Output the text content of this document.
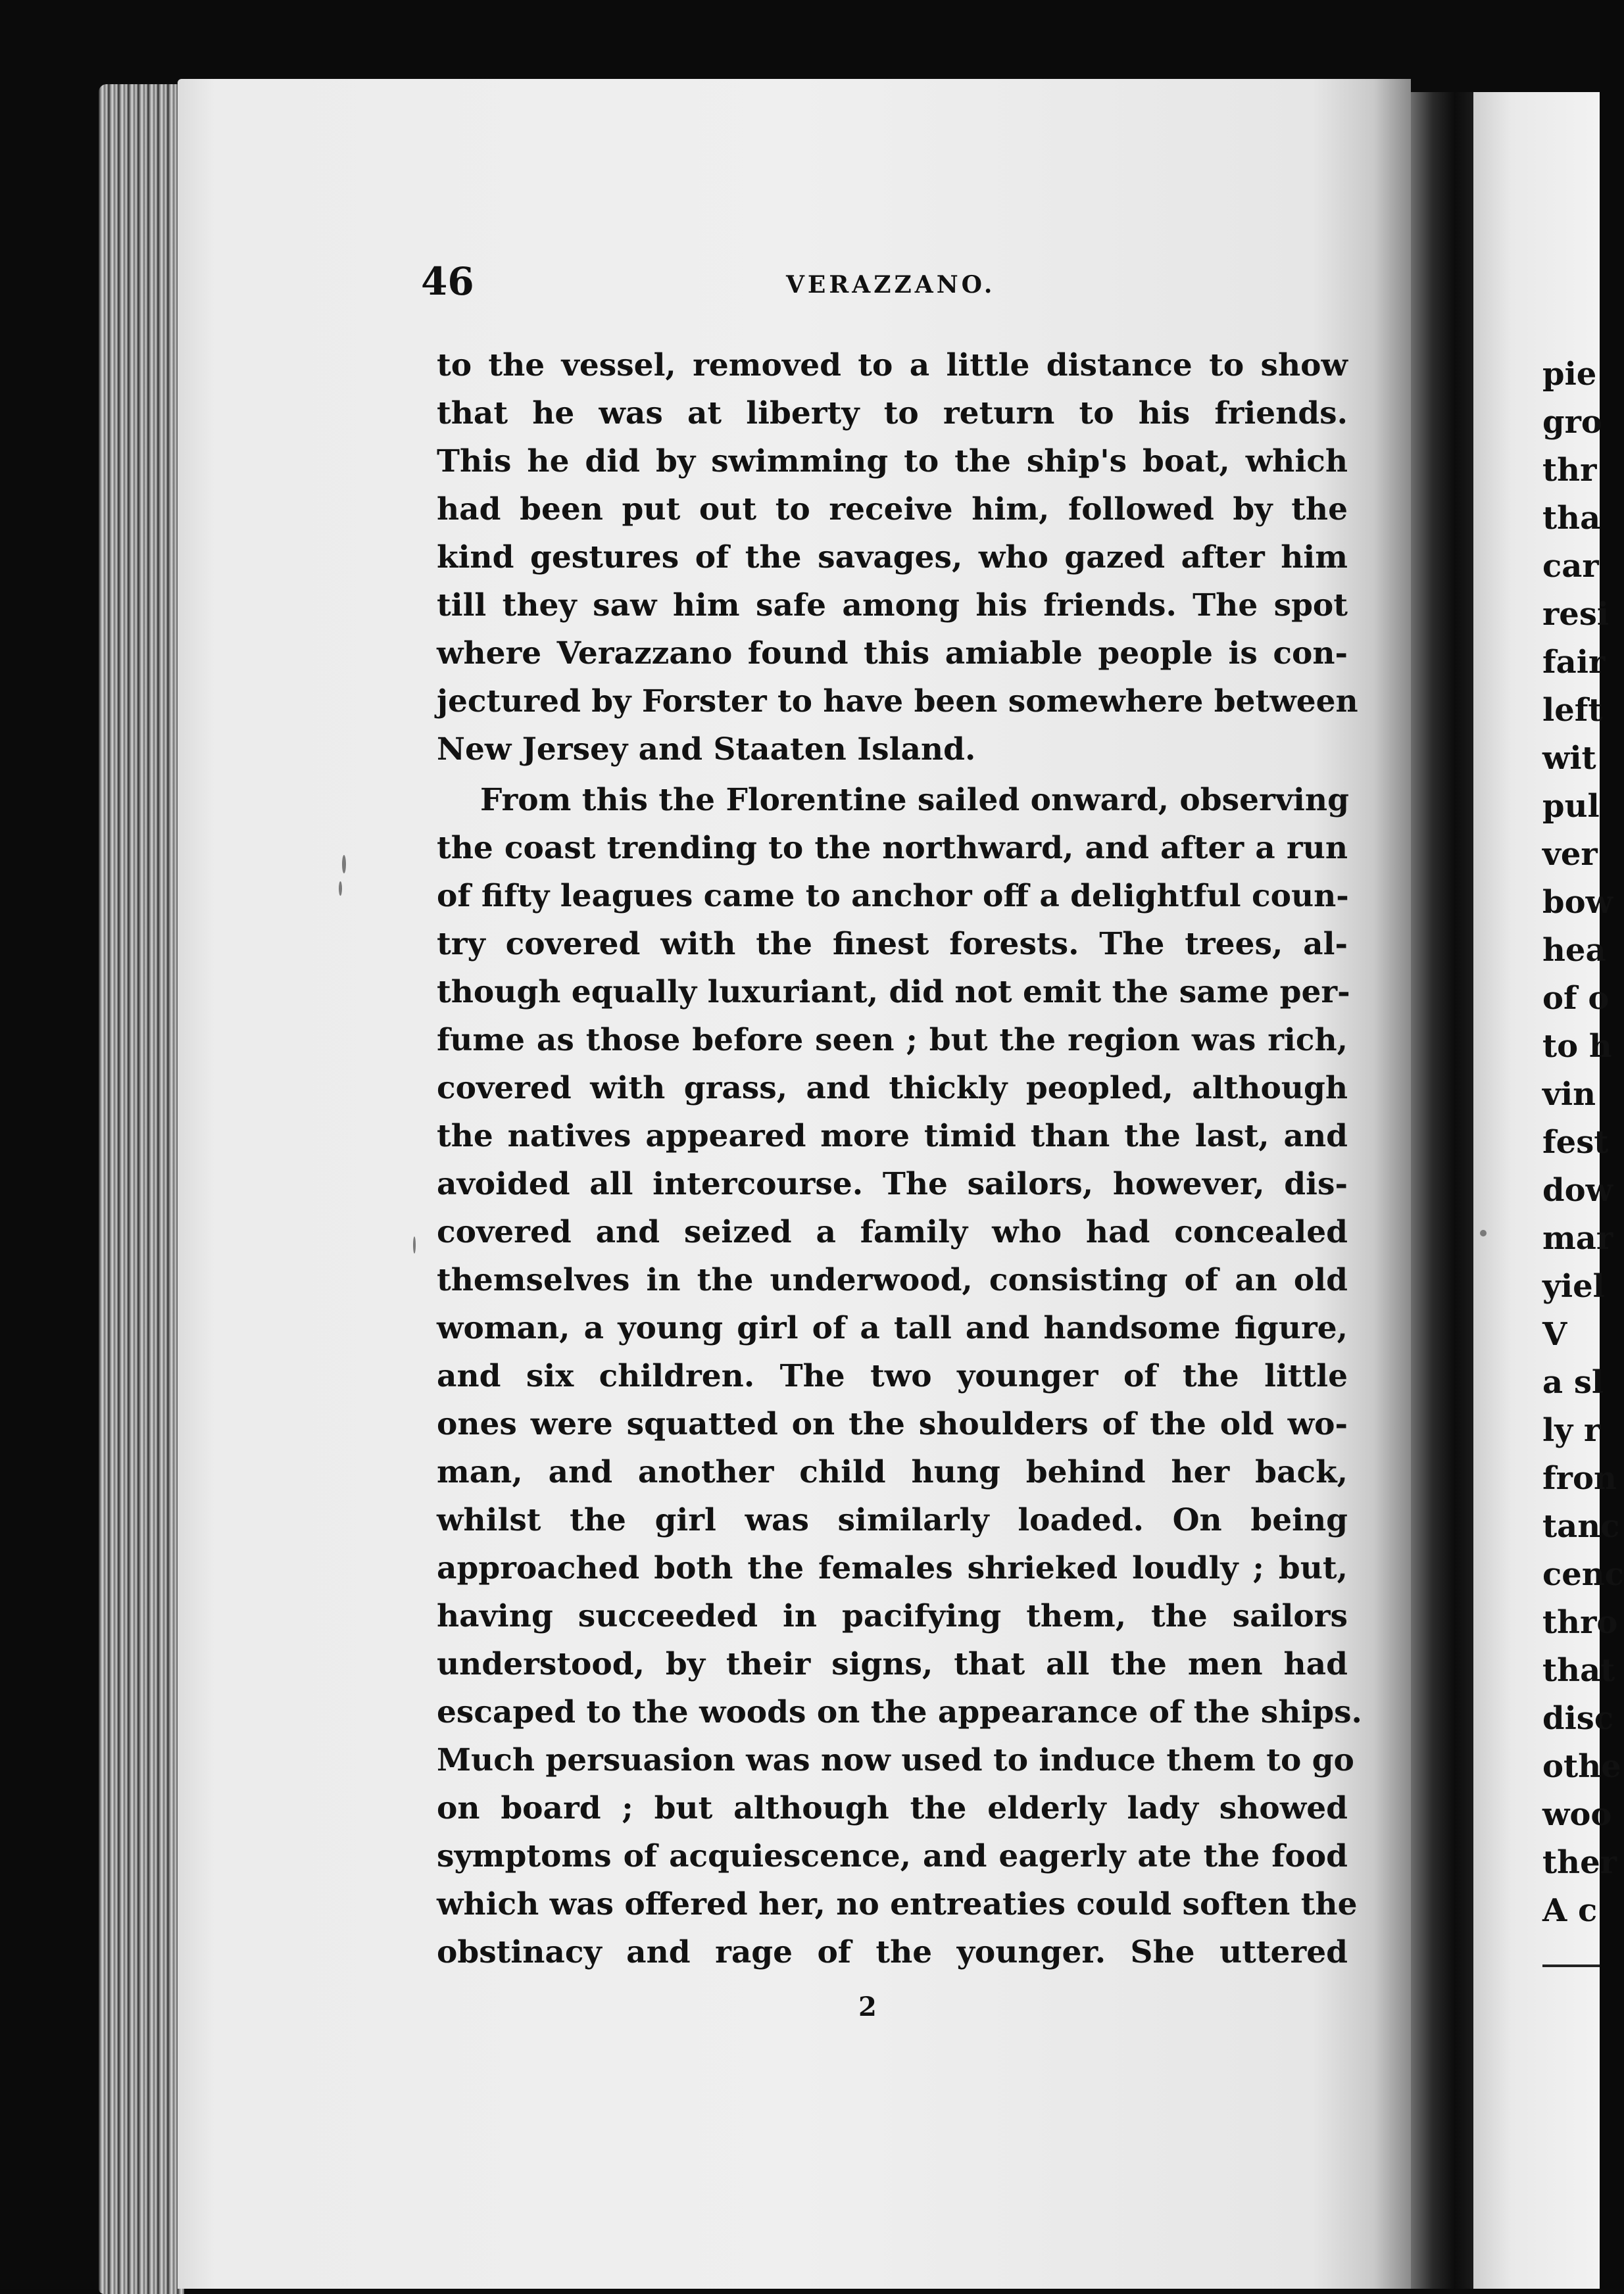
46	VERAZZANO.
to the vessel, removed to a little distance to show
that he was at liberty to return to his friends.
This he did by swimming to the ship's boat, which
had been put out to receive him, followed by the
kind gestures of the savages, who gazed after him
till they saw him safe among his friends. The spot
where Verazzano found this amiable people is con-
jectured by Forster to have been somewhere between
New Jersey and Staaten Island.
From this the Florentine sailed onward, observing
the coast trending to the northward, and after a run
of fifty leagues came to anchor off a delightful coun-
try covered with the finest forests. The trees, al-
though equally luxuriant, did not emit the same per-
fume as those before seen ; but the region was rich,
covered with grass, and thickly peopled, although
the natives appeared more timid than the last, and
avoided all intercourse. The sailors, however, dis-
covered and seized a family who had concealed
themselves in the underwood, consisting of an old
woman, a young girl of a tall and handsome figure,
and six children. The two younger of the little
ones were squatted on the shoulders of the old wo-
man, and another child hung behind her back,
whilst the girl was similarly loaded. On being
approached both the females shrieked loudly ; but,
having succeeded in pacifying them, the sailors
understood, by their signs, that all the men had
escaped to the woods on the appearance of the ships.
Much persuasion was now used to induce them to go
on board ; but although the elderly lady showed
symptoms of acquiescence, and eagerly ate the food
which was offered her, no entreaties could soften the
obstinacy and rage of the younger. She uttered
2
pie
gro
thr
tha
car
resi
fair
left
wit
pul
ver
bow
hea
of o
to h
vin
fest
dow
mar
yiel
V
a sl
ly r
fron
tanc
cenc
thro
that
disc
othe
woo
ther
A c
